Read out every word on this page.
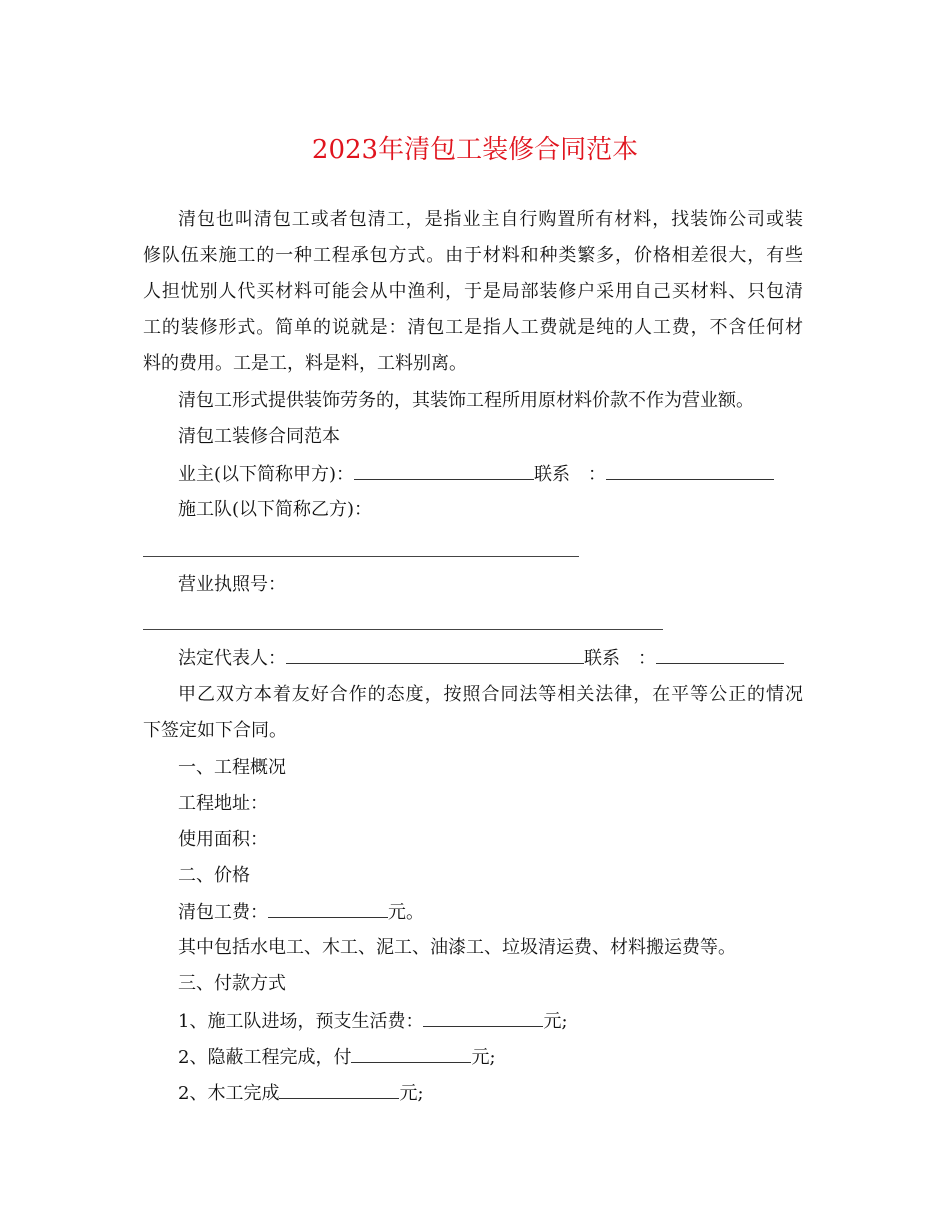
2023年清包工装修合同范本
清包也叫清包工或者包清工，是指业主自行购置所有材料，找装饰公司或装
修队伍来施工的一种工程承包方式。由于材料和种类繁多，价格相差很大，有些
人担忧别人代买材料可能会从中渔利，于是局部装修户采用自己买材料、只包清
工的装修形式。简单的说就是：清包工是指人工费就是纯的人工费，不含任何材
料的费用。工是工，料是料，工料别离。
清包工形式提供装饰劳务的，其装饰工程所用原材料价款不作为营业额。
清包工装修合同范本
业主(以下简称甲方)：	联系　：
施工队(以下简称乙方)：
营业执照号：
法定代表人：	联系　：
甲乙双方本着友好合作的态度，按照合同法等相关法律，在平等公正的情况
下签定如下合同。
一、工程概况
工程地址：
使用面积：
二、价格
清包工费：	元。
其中包括水电工、木工、泥工、油漆工、垃圾清运费、材料搬运费等。
三、付款方式
1、施工队进场，预支生活费：	元;
2、隐蔽工程完成，付	元;
2、木工完成	元;
